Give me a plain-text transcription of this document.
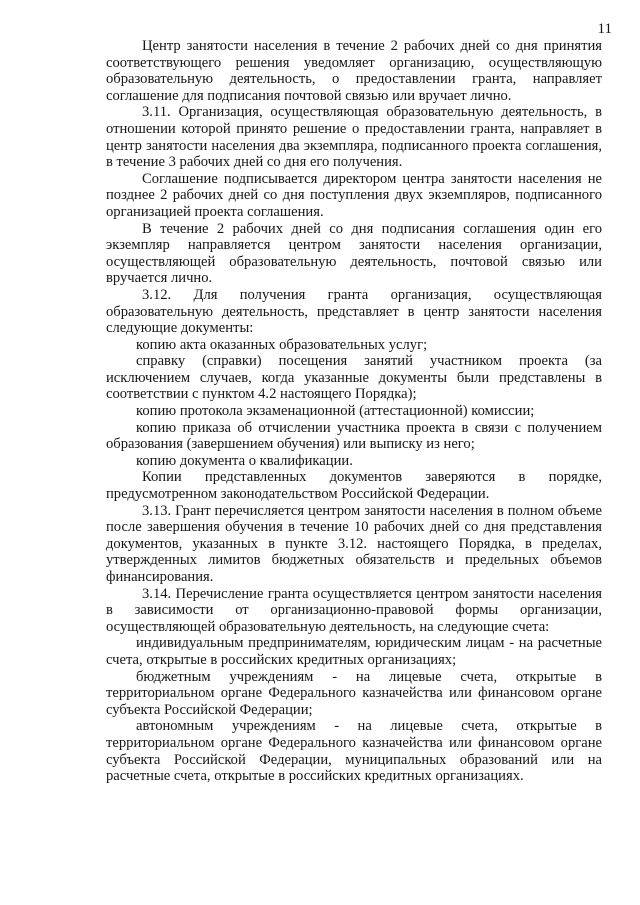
11

Центр занятости населения в течение 2 рабочих дней со дня принятия соответствующего решения уведомляет организацию, осуществляющую образовательную деятельность, о предоставлении гранта, направляет соглашение для подписания почтовой связью или вручает лично.

3.11. Организация, осуществляющая образовательную деятельность, в отношении которой принято решение о предоставлении гранта, направляет в центр занятости населения два экземпляра, подписанного проекта соглашения, в течение 3 рабочих дней со дня его получения.

Соглашение подписывается директором центра занятости населения не позднее 2 рабочих дней со дня поступления двух экземпляров, подписанного организацией проекта соглашения.

В течение 2 рабочих дней со дня подписания соглашения один его экземпляр направляется центром занятости населения организации, осуществляющей образовательную деятельность, почтовой связью или вручается лично.

3.12. Для получения гранта организация, осуществляющая образовательную деятельность, представляет в центр занятости населения следующие документы:

копию акта оказанных образовательных услуг;

справку (справки) посещения занятий участником проекта (за исключением случаев, когда указанные документы были представлены в соответствии с пунктом 4.2 настоящего Порядка);

копию протокола экзаменационной (аттестационной) комиссии;

копию приказа об отчислении участника проекта в связи с получением образования (завершением обучения) или выписку из него;

копию документа о квалификации.

Копии представленных документов заверяются в порядке, предусмотренном законодательством Российской Федерации.

3.13. Грант перечисляется центром занятости населения в полном объеме после завершения обучения в течение 10 рабочих дней со дня представления документов, указанных в пункте 3.12. настоящего Порядка, в пределах, утвержденных лимитов бюджетных обязательств и предельных объемов финансирования.

3.14. Перечисление гранта осуществляется центром занятости населения в зависимости от организационно-правовой формы организации, осуществляющей образовательную деятельность, на следующие счета:

индивидуальным предпринимателям, юридическим лицам - на расчетные счета, открытые в российских кредитных организациях;

бюджетным учреждениям - на лицевые счета, открытые в территориальном органе Федерального казначейства или финансовом органе субъекта Российской Федерации;

автономным учреждениям - на лицевые счета, открытые в территориальном органе Федерального казначейства или финансовом органе субъекта Российской Федерации, муниципальных образований или на расчетные счета, открытые в российских кредитных организациях.
